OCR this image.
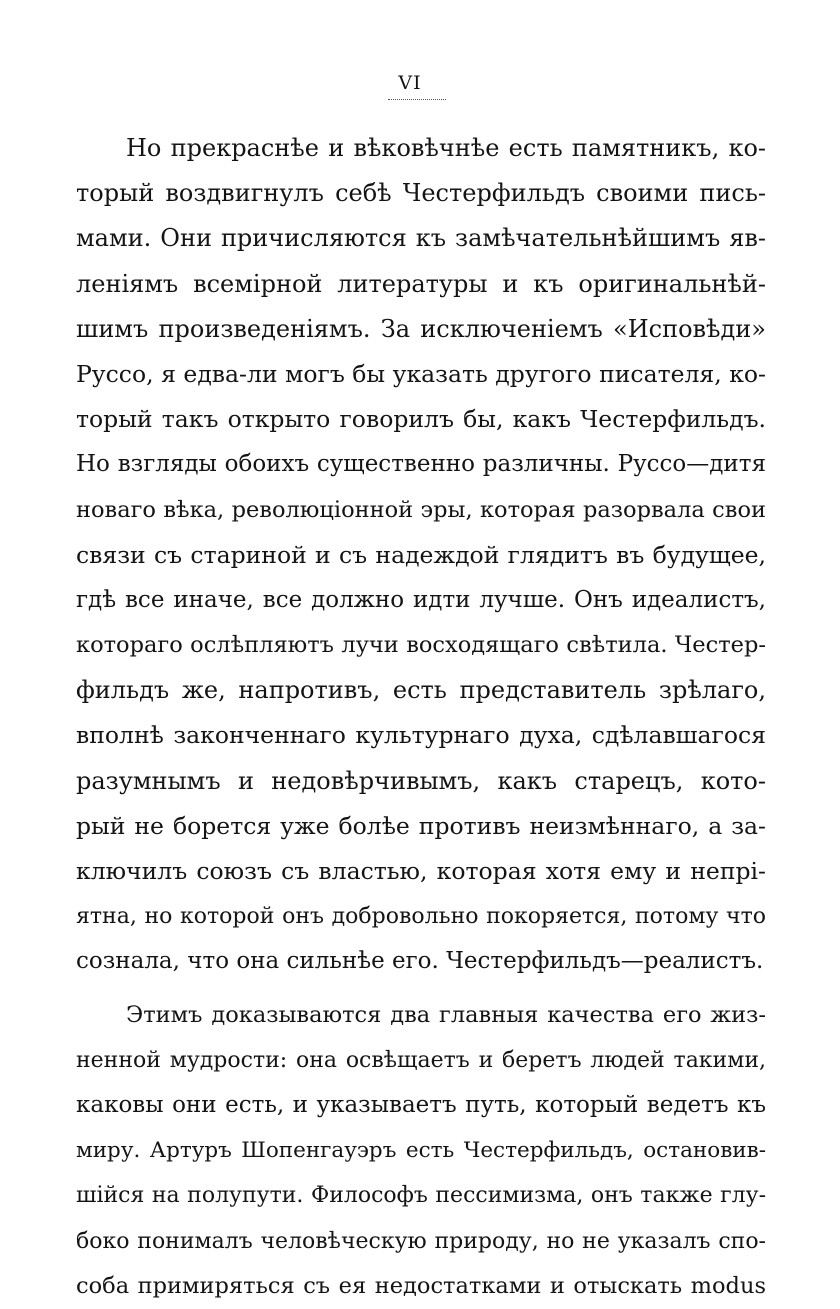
VI
Но прекраснѣе и вѣковѣчнѣе есть памятникъ, ко-
торый воздвигнулъ себѣ Честерфильдъ своими пись-
мами. Они причисляются къ замѣчательнѣйшимъ яв-
леніямъ всемірной литературы и къ оригинальнѣй-
шимъ произведеніямъ. За исключеніемъ «Исповѣди»
Руссо, я едва-ли могъ бы указать другого писателя, ко-
торый такъ открыто говорилъ бы, какъ Честерфильдъ.
Но взгляды обоихъ существенно различны. Руссо—дитя
новаго вѣка, революціонной эры, которая разорвала свои
связи съ стариной и съ надеждой глядитъ въ будущее,
гдѣ все иначе, все должно идти лучше. Онъ идеалистъ,
котораго ослѣпляютъ лучи восходящаго свѣтила. Честер-
фильдъ же, напротивъ, есть представитель зрѣлаго,
вполнѣ законченнаго культурнаго духа, сдѣлавшагося
разумнымъ и недовѣрчивымъ, какъ старецъ, кото-
рый не борется уже болѣе противъ неизмѣннаго, а за-
ключилъ союзъ съ властью, которая хотя ему и непрі-
ятна, но которой онъ добровольно покоряется, потому что
сознала, что она сильнѣе его. Честерфильдъ—реалистъ.
Этимъ доказываются два главныя качества его жиз-
ненной мудрости: она освѣщаетъ и беретъ людей такими,
каковы они есть, и указываетъ путь, который ведетъ къ
миру. Артуръ Шопенгауэръ есть Честерфильдъ, остановив-
шійся на полупути. Философъ пессимизма, онъ также глу-
боко понималъ человѣческую природу, но не указалъ спо-
соба примиряться съ ея недостатками и отыскать modus
